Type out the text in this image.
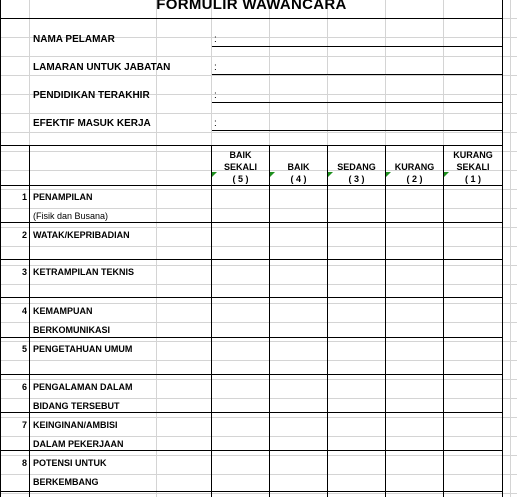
FORMULIR WAWANCARA
NAMA PELAMAR	:
LAMARAN UNTUK JABATAN	:
PENDIDIKAN TERAKHIR	:
EFEKTIF MASUK KERJA	:
BAIK
SEKALI
( 5 )
BAIK
( 4 )
SEDANG
( 3 )
KURANG
( 2 )
KURANG
SEKALI
( 1 )
1 PENAMPILAN
(Fisik dan Busana)
2 WATAK/KEPRIBADIAN
3 KETRAMPILAN TEKNIS
4 KEMAMPUAN
BERKOMUNIKASI
5 PENGETAHUAN UMUM
6 PENGALAMAN DALAM
BIDANG TERSEBUT
7 KEINGINAN/AMBISI
DALAM PEKERJAAN
8 POTENSI UNTUK
BERKEMBANG
